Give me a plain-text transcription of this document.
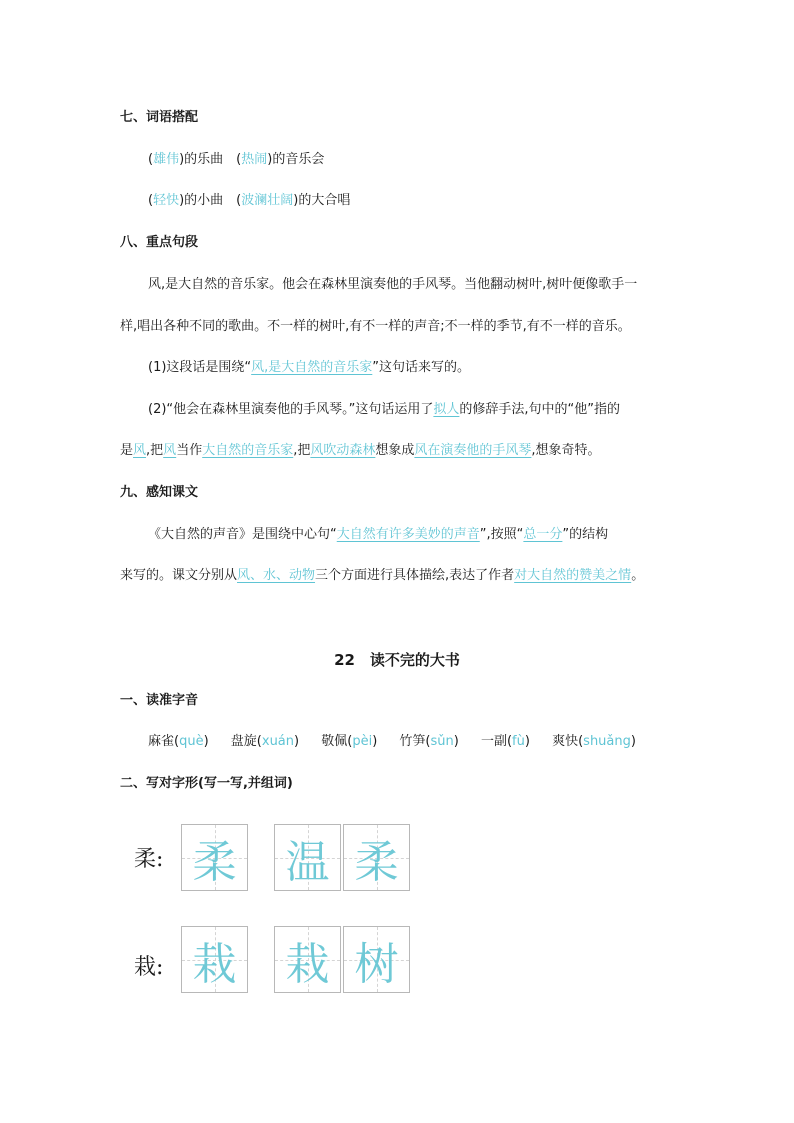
七、词语搭配
(雄伟)的乐曲　(热闹)的音乐会
(轻快)的小曲　(波澜壮阔)的大合唱
八、重点句段
风,是大自然的音乐家。他会在森林里演奏他的手风琴。当他翻动树叶,树叶便像歌手一
样,唱出各种不同的歌曲。不一样的树叶,有不一样的声音;不一样的季节,有不一样的音乐。
(1)这段话是围绕“风,是大自然的音乐家”这句话来写的。
(2)“他会在森林里演奏他的手风琴。”这句话运用了拟人的修辞手法,句中的“他”指的
是风,把风当作大自然的音乐家,把风吹动森林想象成风在演奏他的手风琴,想象奇特。
九、感知课文
《大自然的声音》是围绕中心句“大自然有许多美妙的声音”,按照“总一分”的结构
来写的。课文分别从风、水、动物三个方面进行具体描绘,表达了作者对大自然的赞美之情。
22　读不完的大书
一、读准字音
麻雀(què) 盘旋(xuán) 敬佩(pèi) 竹笋(sǔn) 一副(fù) 爽快(shuǎng)
二、写对字形(写一写,并组词)
柔: 柔 温 柔
栽: 栽 栽 树
